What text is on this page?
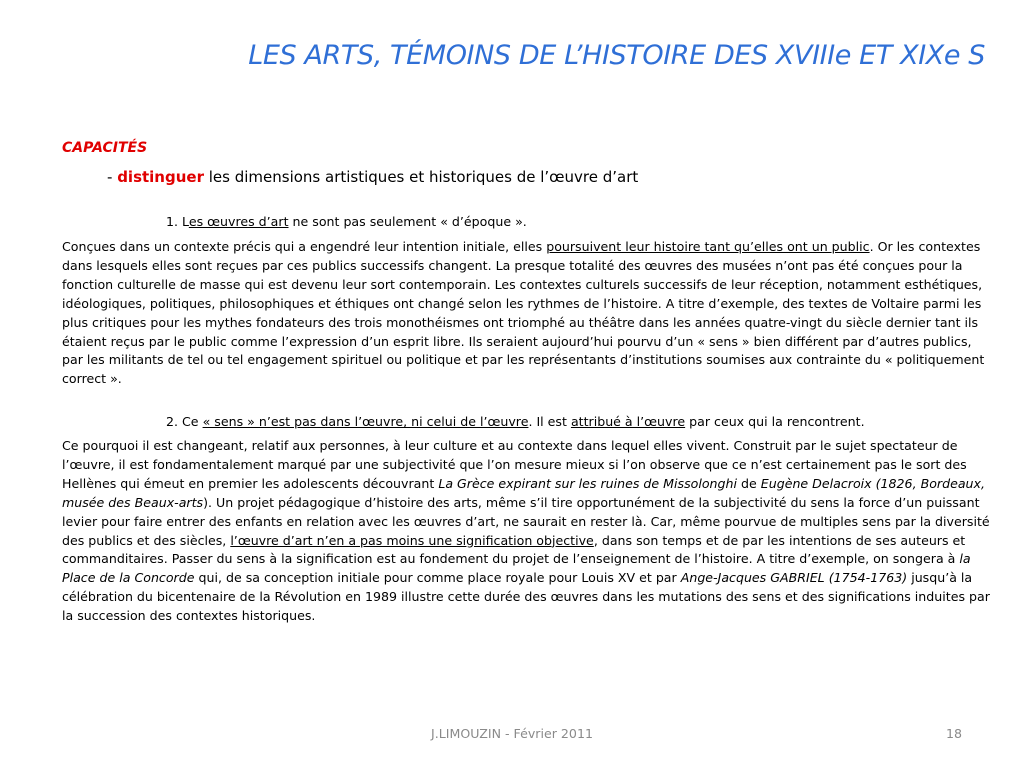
LES ARTS, TÉMOINS DE L’HISTOIRE DES XVIIIe ET XIXe S
CAPACITÉS
- distinguer les dimensions artistiques et historiques de l’œuvre d’art
1. Les œuvres d’art ne sont pas seulement « d’époque ».
Conçues dans un contexte précis qui a engendré leur intention initiale, elles poursuivent leur histoire tant qu’elles ont un public. Or les contextes dans lesquels elles sont reçues par ces publics successifs changent. La presque totalité des œuvres des musées n’ont pas été conçues pour la fonction culturelle de masse qui est devenu leur sort contemporain. Les contextes culturels successifs de leur réception, notamment esthétiques, idéologiques, politiques, philosophiques et éthiques ont changé selon les rythmes de l’histoire. A titre d’exemple, des textes de Voltaire parmi les plus critiques pour les mythes fondateurs des trois monothéismes ont triomphé au théâtre dans les années quatre-vingt du siècle dernier tant ils étaient reçus par le public comme l’expression d’un esprit libre. Ils seraient aujourd’hui pourvu d’un « sens » bien différent par d’autres publics, par les militants de tel ou tel engagement spirituel ou politique et par les représentants d’institutions soumises aux contrainte du « politiquement correct ».
2. Ce « sens » n’est pas dans l’œuvre, ni celui de l’œuvre. Il est attribué à l’œuvre par ceux qui la rencontrent.
Ce pourquoi il est changeant, relatif aux personnes, à leur culture et au contexte dans lequel elles vivent. Construit par le sujet spectateur de l’œuvre, il est fondamentalement marqué par une subjectivité que l’on mesure mieux si l’on observe que ce n’est certainement pas le sort des Hellènes qui émeut en premier les adolescents découvrant La Grèce expirant sur les ruines de Missolonghi de Eugène Delacroix (1826, Bordeaux, musée des Beaux-arts). Un projet pédagogique d’histoire des arts, même s’il tire opportunément de la subjectivité du sens la force d’un puissant levier pour faire entrer des enfants en relation avec les œuvres d’art, ne saurait en rester là. Car, même pourvue de multiples sens par la diversité des publics et des siècles, l’œuvre d’art n’en a pas moins une signification objective, dans son temps et de par les intentions de ses auteurs et commanditaires. Passer du sens à la signification est au fondement du projet de l’enseignement de l’histoire. A titre d’exemple, on songera à la Place de la Concorde qui, de sa conception initiale pour comme place royale pour Louis XV et par Ange-Jacques GABRIEL (1754-1763) jusqu’à la célébration du bicentenaire de la Révolution en 1989 illustre cette durée des œuvres dans les mutations des sens et des significations induites par la succession des contextes historiques.
J.LIMOUZIN - Février 2011	18
